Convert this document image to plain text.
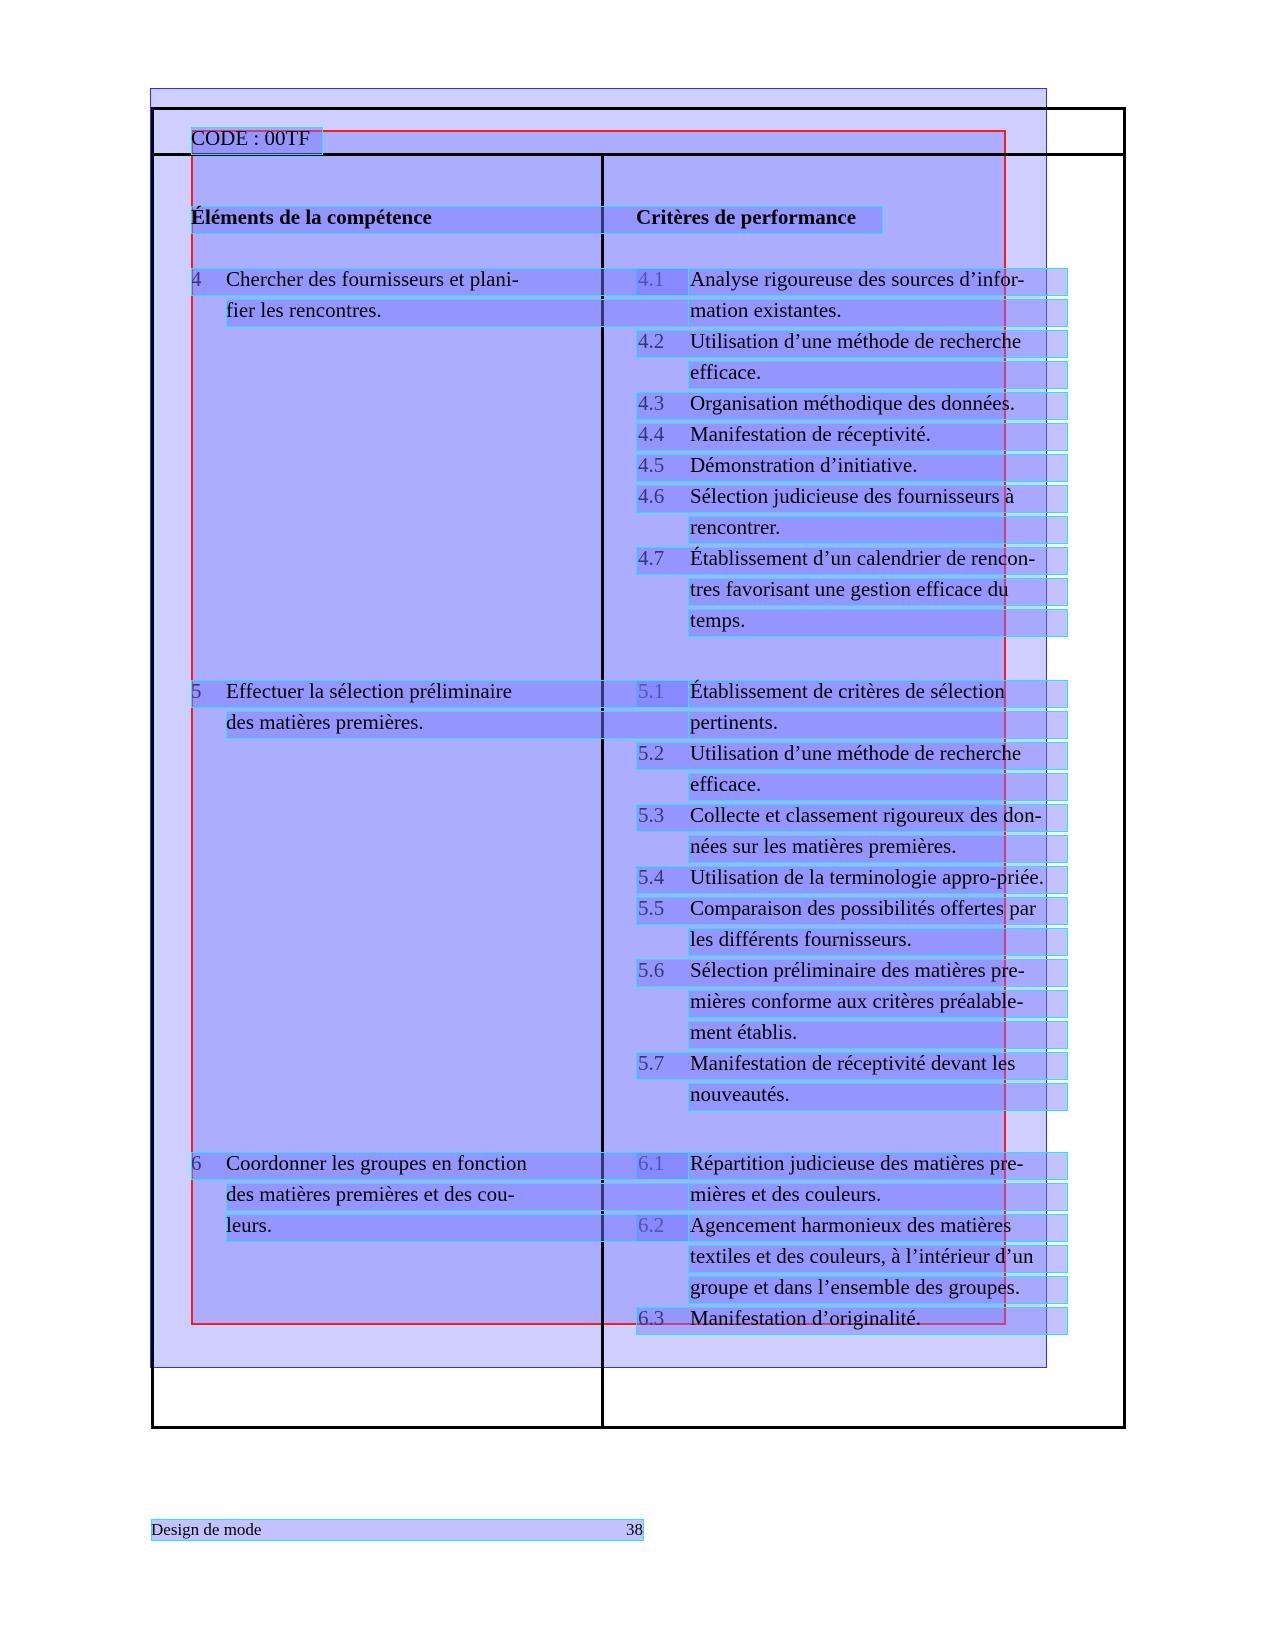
CODE : 00TF
Éléments de la compétence	Critères de performance
Design de mode	38
4.1 Analyse rigoureuse des sources d’infor-
mation existantes.
4.2 Utilisation d’une méthode de recherche
efficace.
4.3 Organisation méthodique des données.
4.4 Manifestation de réceptivité.
4.5 Démonstration d’initiative.
4.6 Sélection judicieuse des fournisseurs à
rencontrer.
4.7 Établissement d’un calendrier de rencon-
tres favorisant une gestion efficace du
temps.
5.1 Établissement de critères de sélection
pertinents.
5.2 Utilisation d’une méthode de recherche
efficace.
5.3 Collecte et classement rigoureux des don-
nées sur les matières premières.
5.4 Utilisation de la terminologie appro-priée.
5.5 Comparaison des possibilités offertes par
les différents fournisseurs.
5.6 Sélection préliminaire des matières pre-
mières conforme aux critères préalable-
ment établis.
5.7 Manifestation de réceptivité devant les
nouveautés.
6.1 Répartition judicieuse des matières pre-
mières et des couleurs.
6.2 Agencement harmonieux des matières
textiles et des couleurs, à l’intérieur d’un
groupe et dans l’ensemble des groupes.
6.3 Manifestation d’originalité.
4 Chercher des fournisseurs et plani-
fier les rencontres.
5 Effectuer la sélection préliminaire
des matières premières.
6 Coordonner les groupes en fonction
des matières premières et des cou-
leurs.
